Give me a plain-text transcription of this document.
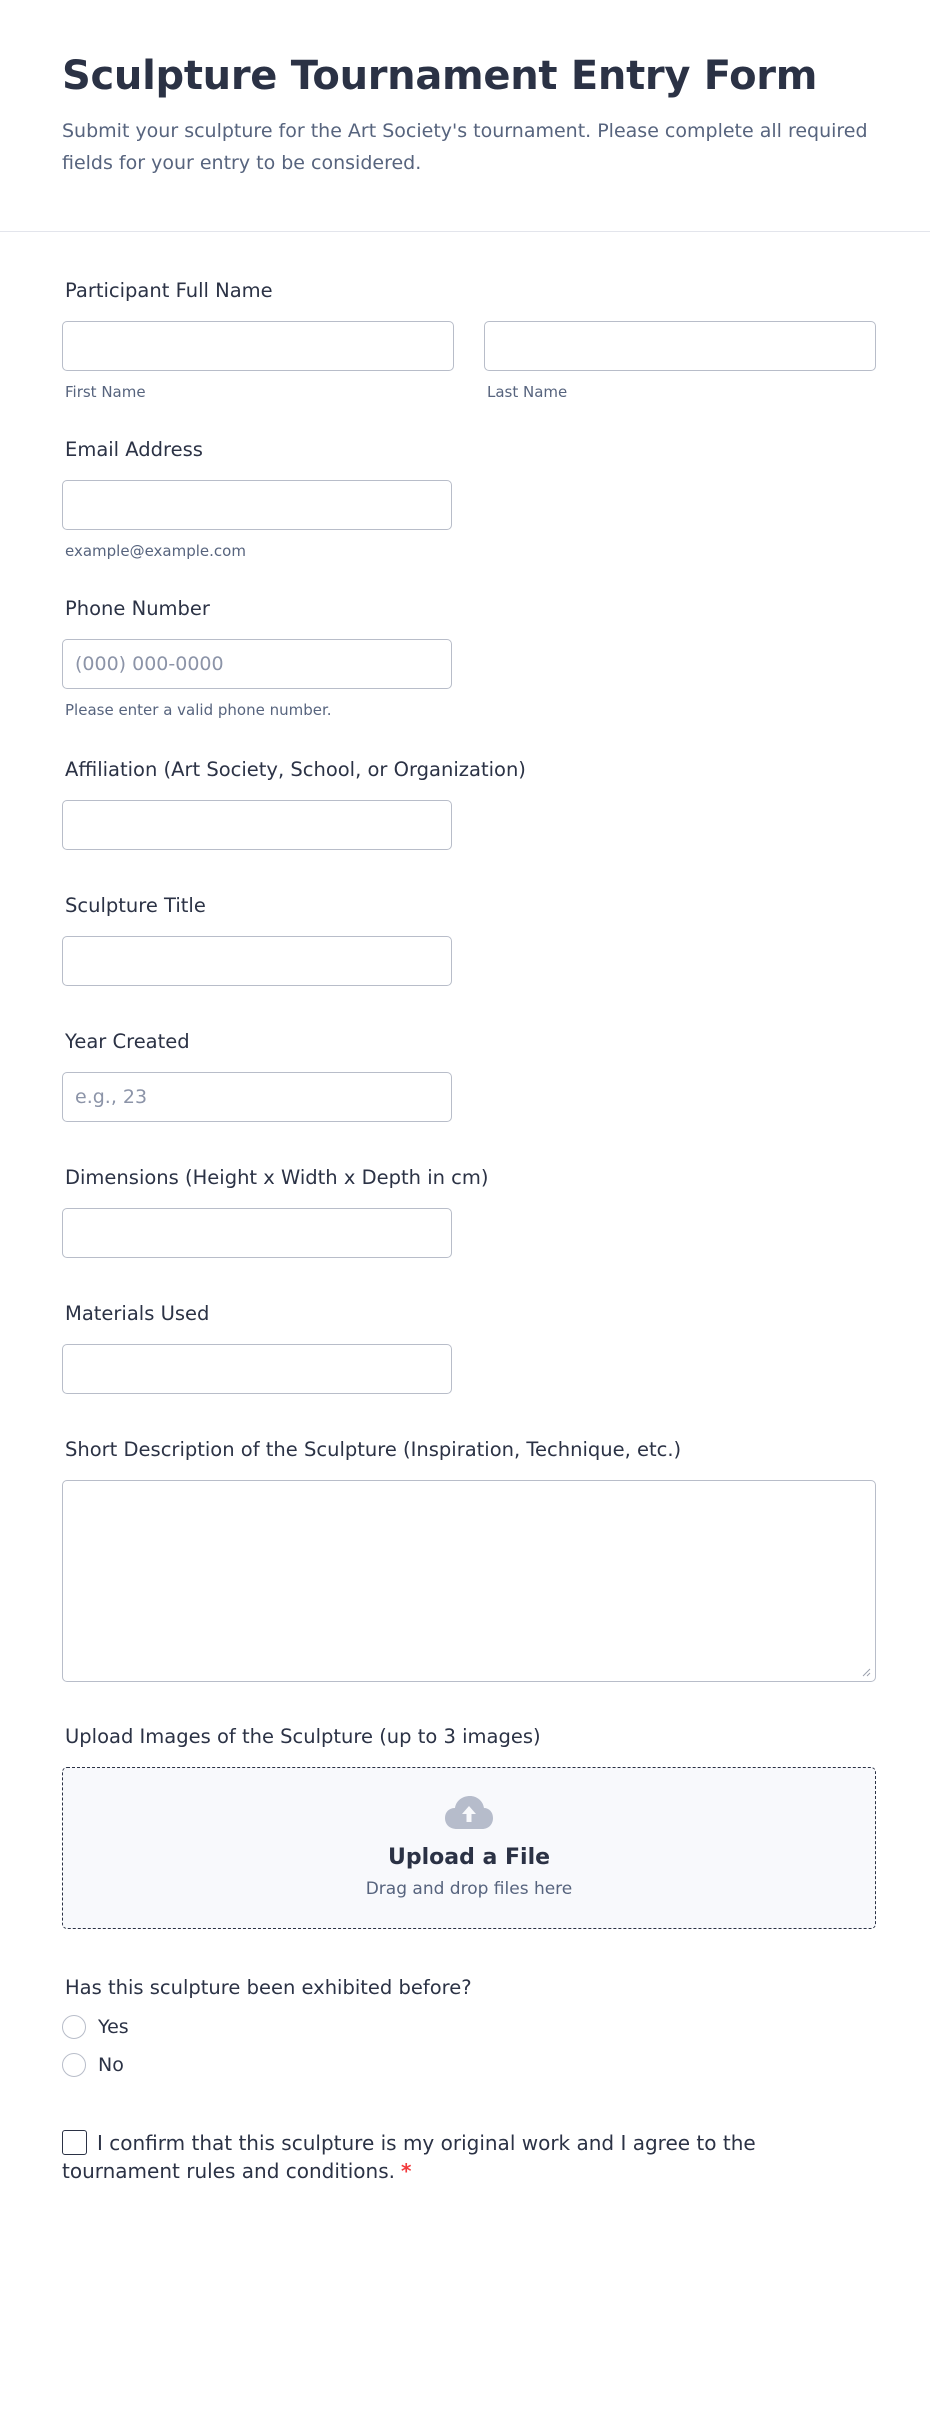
Sculpture Tournament Entry Form

Submit your sculpture for the Art Society's tournament. Please complete all required fields for your entry to be considered.

Participant Full Name
First Name	Last Name
Email Address
example@example.com
Phone Number
(000) 000-0000
Please enter a valid phone number.
Affiliation (Art Society, School, or Organization)
Sculpture Title
Year Created
e.g., 23
Dimensions (Height x Width x Depth in cm)
Materials Used
Short Description of the Sculpture (Inspiration, Technique, etc.)
Upload Images of the Sculpture (up to 3 images)
Upload a File
Drag and drop files here
Has this sculpture been exhibited before?
Yes
No
I confirm that this sculpture is my original work and I agree to the tournament rules and conditions. *
